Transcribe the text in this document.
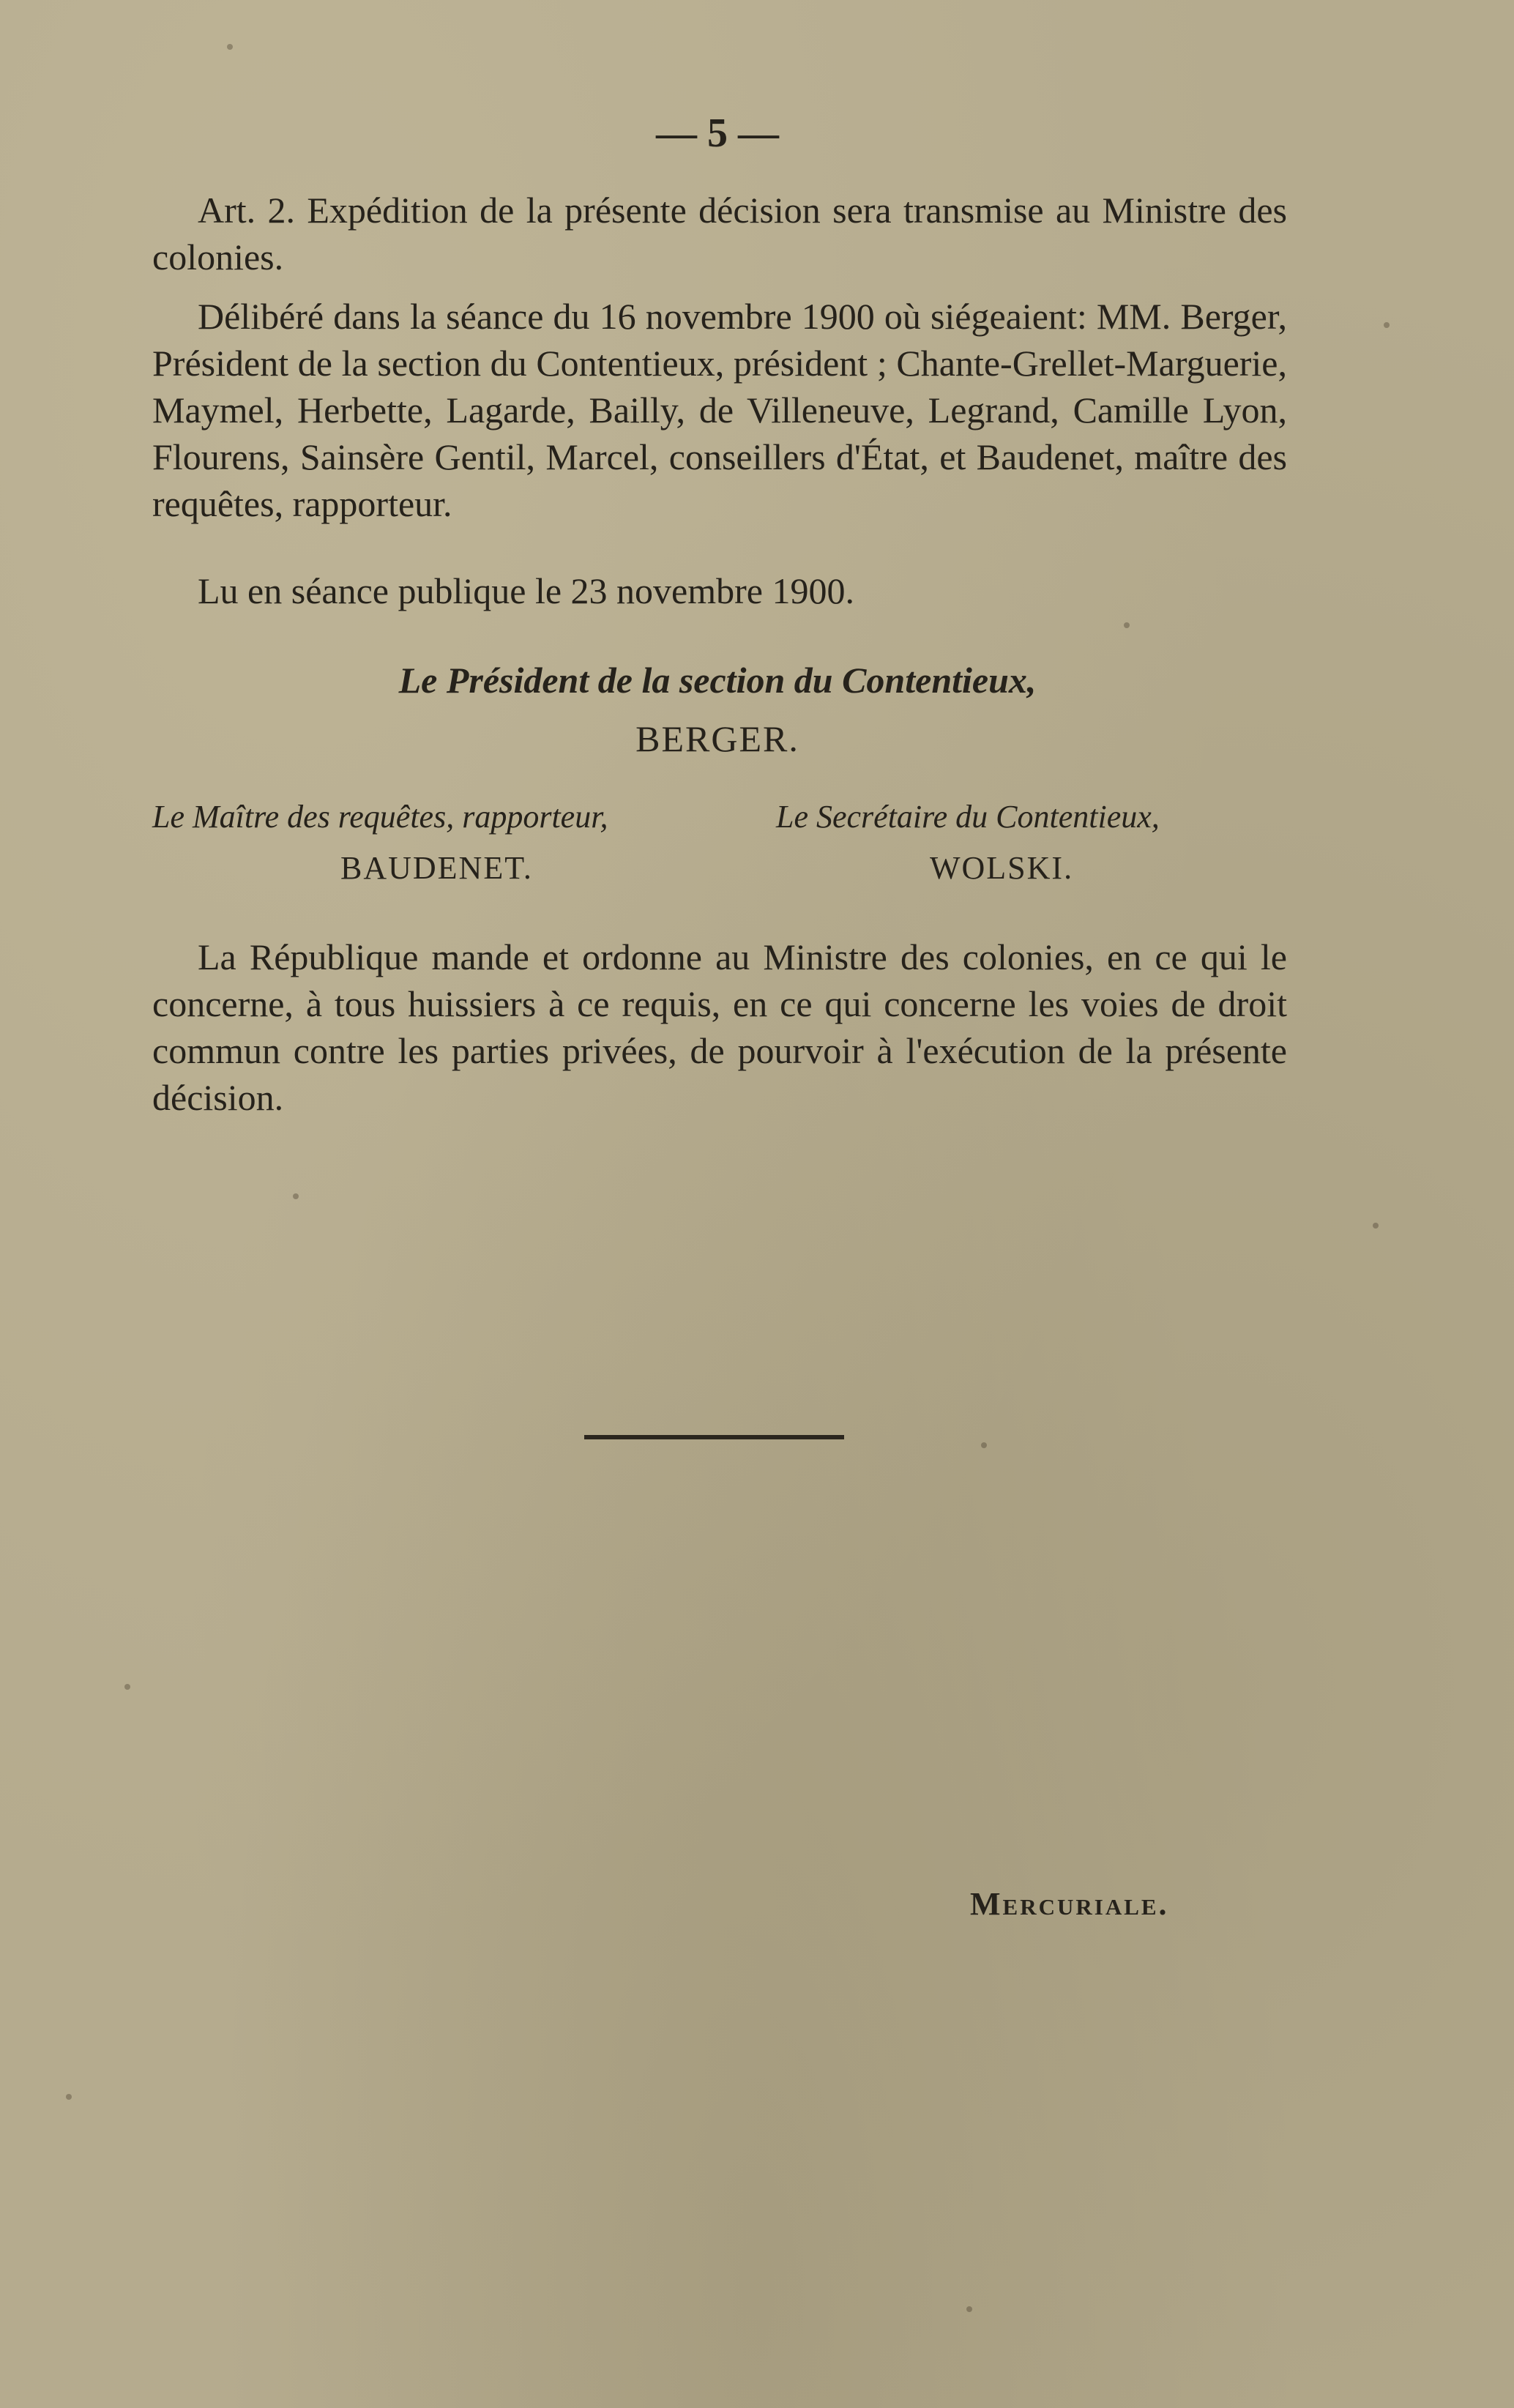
— 5 —

Art. 2. Expédition de la présente décision sera transmise au Ministre des colonies.

Délibéré dans la séance du 16 novembre 1900 où siégeaient: MM. Berger, Président de la section du Contentieux, président ; Chante-Grellet-Marguerie, Maymel, Herbette, Lagarde, Bailly, de Villeneuve, Legrand, Camille Lyon, Flourens, Sainsère Gentil, Marcel, conseillers d'État, et Baudenet, maître des requêtes, rapporteur.

Lu en séance publique le 23 novembre 1900.

Le Président de la section du Contentieux,
BERGER.
Le Maître des requêtes, rapporteur,	Le Secrétaire du Contentieux,
BAUDENET.	WOLSKI.

La République mande et ordonne au Ministre des colonies, en ce qui le concerne, à tous huissiers à ce requis, en ce qui concerne les voies de droit commun contre les parties privées, de pourvoir à l'exécution de la présente décision.

Mercuriale.
